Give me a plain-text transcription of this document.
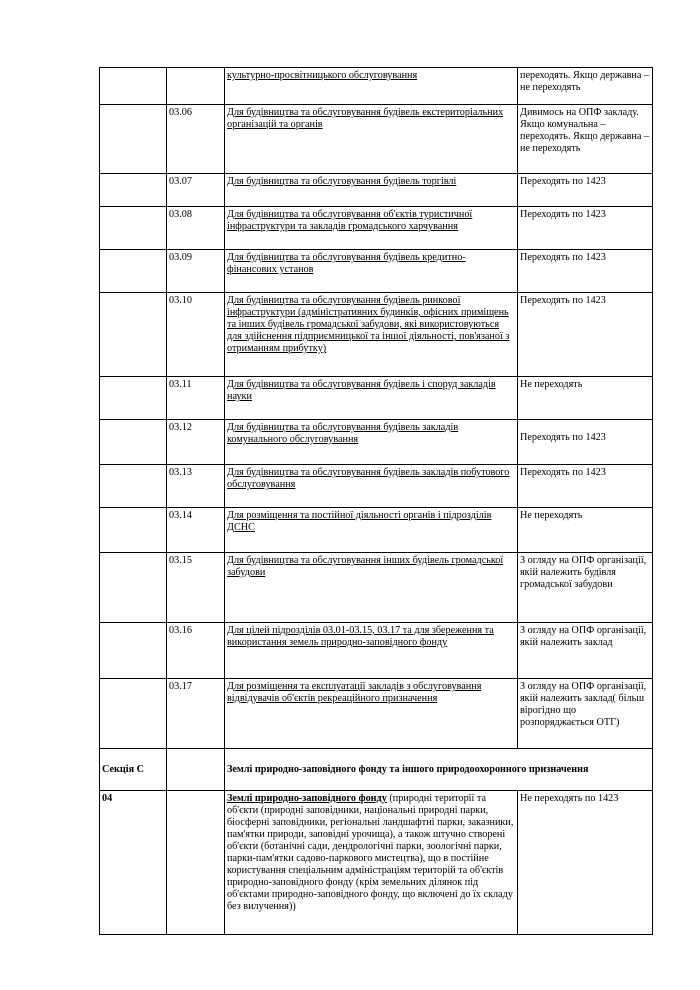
		культурно-просвітницького обслуговування	переходять. Якщо державна – не переходять
	03.06	Для будівництва та обслуговування будівель екстериторіальних організацій та органів	Дивимось на ОПФ закладу. Якщо комунальна – переходять. Якщо державна – не переходять
	03.07	Для будівництва та обслуговування будівель торгівлі	Переходять по 1423
	03.08	Для будівництва та обслуговування об'єктів туристичної інфраструктури та закладів громадського харчування	Переходять по 1423
	03.09	Для будівництва та обслуговування будівель кредитно-фінансових установ	Переходять по 1423
	03.10	Для будівництва та обслуговування будівель ринкової інфраструктури (адміністративних будинків, офісних приміщень та інших будівель громадської забудови, які використовуються для здійснення підприємницької та іншої діяльності, пов'язаної з отриманням прибутку)	Переходять по 1423
	03.11	Для будівництва та обслуговування будівель і споруд закладів науки	Не переходять
	03.12	Для будівництва та обслуговування будівель закладів комунального обслуговування	Переходять по 1423
	03.13	Для будівництва та обслуговування будівель закладів побутового обслуговування	Переходять по 1423
	03.14	Для розміщення та постійної діяльності органів і підрозділів ДСНС	Не переходять
	03.15	Для будівництва та обслуговування інших будівель громадської забудови	З огляду на ОПФ організації, якій належить будівля громадської забудови
	03.16	Для цілей підрозділів 03.01-03.15, 03.17 та для збереження та використання земель природно-заповідного фонду	З огляду на ОПФ організації, якій належить заклад
	03.17	Для розміщення та експлуатації закладів з обслуговування відвідувачів об'єктів рекреаційного призначення	З огляду на ОПФ організації, якій належить заклад( більш вірогідно що розпоряджається ОТГ)
Секція С		Землі природно-заповідного фонду та іншого природоохоронного призначення	
04		Землі природно-заповідного фонду (природні території та об'єкти (природні заповідники, національні природні парки, біосферні заповідники, регіональні ландшафтні парки, заказники, пам'ятки природи, заповідні урочища), а також штучно створені об'єкти (ботанічні сади, дендрологічні парки, зоологічні парки, парки-пам'ятки садово-паркового мистецтва), що в постійне користування спеціальним адміністраціям територій та об'єктів природно-заповідного фонду (крім земельних ділянок під об'єктами природно-заповідного фонду, що включені до їх складу без вилучення))	Не переходять по 1423
